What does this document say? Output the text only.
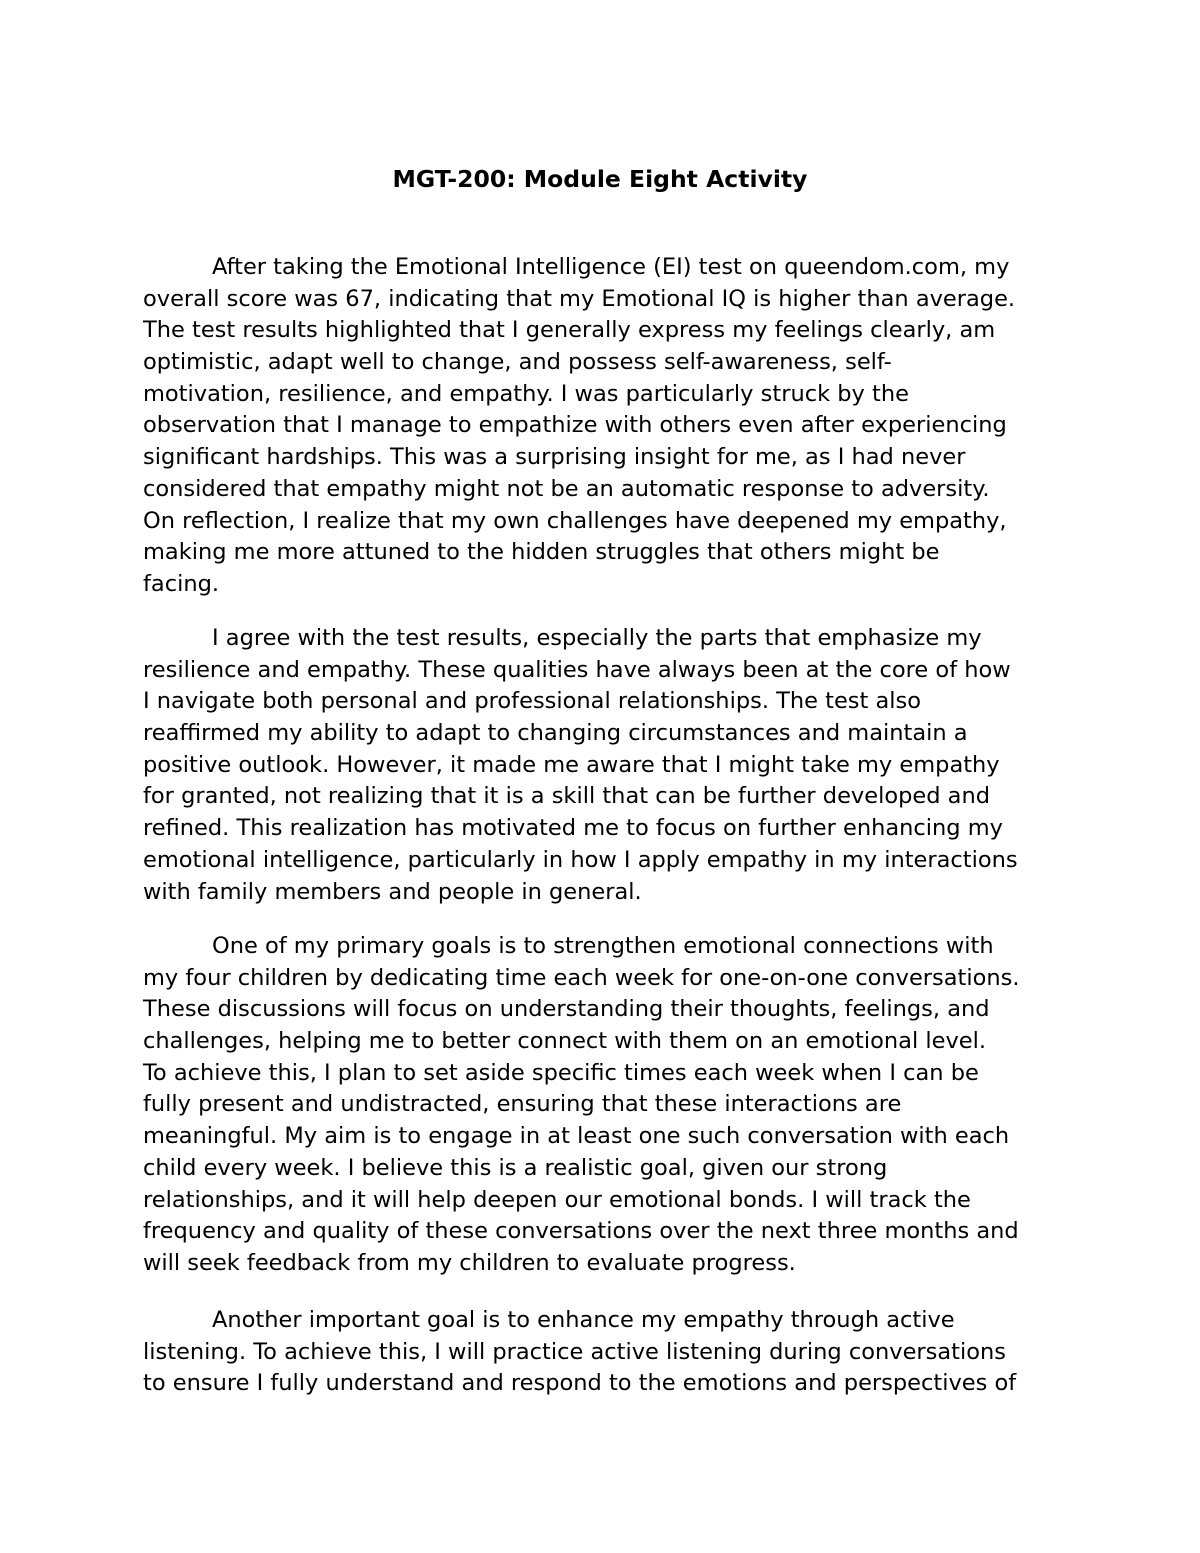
MGT-200: Module Eight Activity
After taking the Emotional Intelligence (EI) test on queendom.com, my
overall score was 67, indicating that my Emotional IQ is higher than average.
The test results highlighted that I generally express my feelings clearly, am
optimistic, adapt well to change, and possess self-awareness, self-
motivation, resilience, and empathy. I was particularly struck by the
observation that I manage to empathize with others even after experiencing
significant hardships. This was a surprising insight for me, as I had never
considered that empathy might not be an automatic response to adversity.
On reflection, I realize that my own challenges have deepened my empathy,
making me more attuned to the hidden struggles that others might be
facing.
I agree with the test results, especially the parts that emphasize my
resilience and empathy. These qualities have always been at the core of how
I navigate both personal and professional relationships. The test also
reaffirmed my ability to adapt to changing circumstances and maintain a
positive outlook. However, it made me aware that I might take my empathy
for granted, not realizing that it is a skill that can be further developed and
refined. This realization has motivated me to focus on further enhancing my
emotional intelligence, particularly in how I apply empathy in my interactions
with family members and people in general.
One of my primary goals is to strengthen emotional connections with
my four children by dedicating time each week for one-on-one conversations.
These discussions will focus on understanding their thoughts, feelings, and
challenges, helping me to better connect with them on an emotional level.
To achieve this, I plan to set aside specific times each week when I can be
fully present and undistracted, ensuring that these interactions are
meaningful. My aim is to engage in at least one such conversation with each
child every week. I believe this is a realistic goal, given our strong
relationships, and it will help deepen our emotional bonds. I will track the
frequency and quality of these conversations over the next three months and
will seek feedback from my children to evaluate progress.
Another important goal is to enhance my empathy through active
listening. To achieve this, I will practice active listening during conversations
to ensure I fully understand and respond to the emotions and perspectives of
